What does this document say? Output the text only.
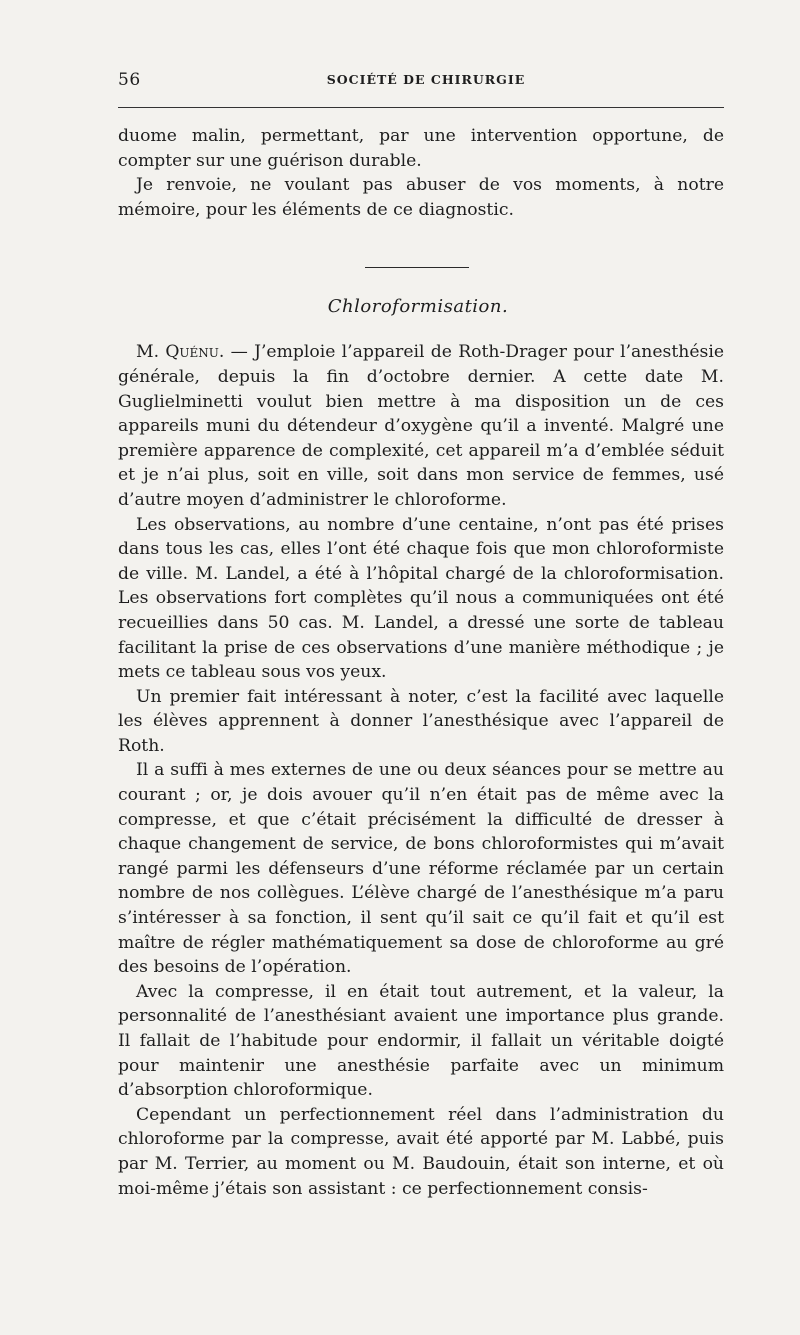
56	SOCIÉTÉ DE CHIRURGIE

duome malin, permettant, par une intervention opportune, de compter sur une guérison durable.

Je renvoie, ne voulant pas abuser de vos moments, à notre mémoire, pour les éléments de ce diagnostic.

Chloroformisation.

M. Quénu. — J’emploie l’appareil de Roth-Drager pour l’anesthésie générale, depuis la fin d’octobre dernier. A cette date M. Guglielminetti voulut bien mettre à ma disposition un de ces appareils muni du détendeur d’oxygène qu’il a inventé. Malgré une première apparence de complexité, cet appareil m’a d’emblée séduit et je n’ai plus, soit en ville, soit dans mon service de femmes, usé d’autre moyen d’administrer le chloroforme.

Les observations, au nombre d’une centaine, n’ont pas été prises dans tous les cas, elles l’ont été chaque fois que mon chloroformiste de ville. M. Landel, a été à l’hôpital chargé de la chloroformisation. Les observations fort complètes qu’il nous a communiquées ont été recueillies dans 50 cas. M. Landel, a dressé une sorte de tableau facilitant la prise de ces observations d’une manière méthodique ; je mets ce tableau sous vos yeux.

Un premier fait intéressant à noter, c’est la facilité avec laquelle les élèves apprennent à donner l’anesthésique avec l’appareil de Roth.

Il a suffi à mes externes de une ou deux séances pour se mettre au courant ; or, je dois avouer qu’il n’en était pas de même avec la compresse, et que c’était précisément la difficulté de dresser à chaque changement de service, de bons chloroformistes qui m’avait rangé parmi les défenseurs d’une réforme réclamée par un certain nombre de nos collègues. L’élève chargé de l’anesthésique m’a paru s’intéresser à sa fonction, il sent qu’il sait ce qu’il fait et qu’il est maître de régler mathématiquement sa dose de chloroforme au gré des besoins de l’opération.

Avec la compresse, il en était tout autrement, et la valeur, la personnalité de l’anesthésiant avaient une importance plus grande. Il fallait de l’habitude pour endormir, il fallait un véritable doigté pour maintenir une anesthésie parfaite avec un minimum d’absorption chloroformique.

Cependant un perfectionnement réel dans l’administration du chloroforme par la compresse, avait été apporté par M. Labbé, puis par M. Terrier, au moment ou M. Baudouin, était son interne, et où moi-même j’étais son assistant : ce perfectionnement consis-
